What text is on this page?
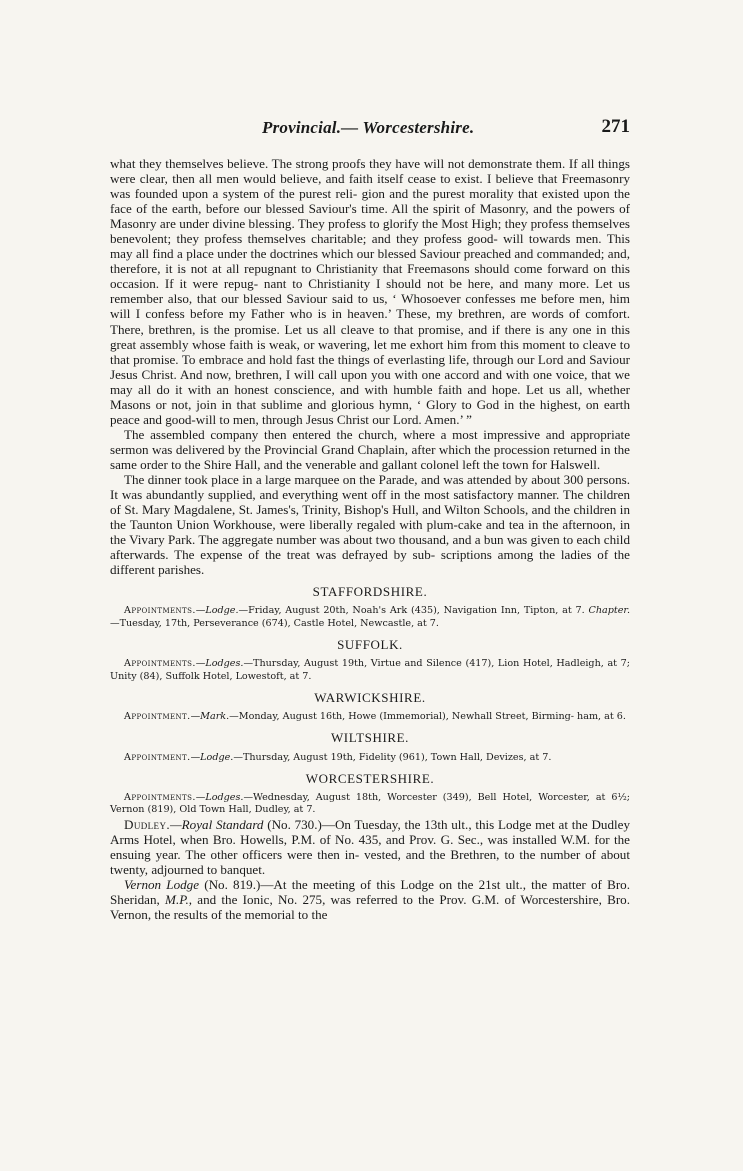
Provincial.— Worcestershire.	271

what they themselves believe. The strong proofs they have will not demonstrate them. If all things were clear, then all men would believe, and faith itself cease to exist. I believe that Freemasonry was founded upon a system of the purest reli- gion and the purest morality that existed upon the face of the earth, before our blessed Saviour's time. All the spirit of Masonry, and the powers of Masonry are under divine blessing. They profess to glorify the Most High; they profess themselves benevolent; they profess themselves charitable; and they profess good- will towards men. This may all find a place under the doctrines which our blessed Saviour preached and commanded; and, therefore, it is not at all repugnant to Christianity that Freemasons should come forward on this occasion. If it were repug- nant to Christianity I should not be here, and many more. Let us remember also, that our blessed Saviour said to us, ‘ Whosoever confesses me before men, him will I confess before my Father who is in heaven.’ These, my brethren, are words of comfort. There, brethren, is the promise. Let us all cleave to that promise, and if there is any one in this great assembly whose faith is weak, or wavering, let me exhort him from this moment to cleave to that promise. To embrace and hold fast the things of everlasting life, through our Lord and Saviour Jesus Christ. And now, brethren, I will call upon you with one accord and with one voice, that we may all do it with an honest conscience, and with humble faith and hope. Let us all, whether Masons or not, join in that sublime and glorious hymn, ‘ Glory to God in the highest, on earth peace and good-will to men, through Jesus Christ our Lord. Amen.’ ”

The assembled company then entered the church, where a most impressive and appropriate sermon was delivered by the Provincial Grand Chaplain, after which the procession returned in the same order to the Shire Hall, and the venerable and gallant colonel left the town for Halswell.

The dinner took place in a large marquee on the Parade, and was attended by about 300 persons. It was abundantly supplied, and everything went off in the most satisfactory manner. The children of St. Mary Magdalene, St. James's, Trinity, Bishop's Hull, and Wilton Schools, and the children in the Taunton Union Workhouse, were liberally regaled with plum-cake and tea in the afternoon, in the Vivary Park. The aggregate number was about two thousand, and a bun was given to each child afterwards. The expense of the treat was defrayed by sub- scriptions among the ladies of the different parishes.

STAFFORDSHIRE.

Appointments.—Lodge.—Friday, August 20th, Noah's Ark (435), Navigation Inn, Tipton, at 7. Chapter.—Tuesday, 17th, Perseverance (674), Castle Hotel, Newcastle, at 7.

SUFFOLK.

Appointments.—Lodges.—Thursday, August 19th, Virtue and Silence (417), Lion Hotel, Hadleigh, at 7; Unity (84), Suffolk Hotel, Lowestoft, at 7.

WARWICKSHIRE.

Appointment.—Mark.—Monday, August 16th, Howe (Immemorial), Newhall Street, Birming- ham, at 6.

WILTSHIRE.

Appointment.—Lodge.—Thursday, August 19th, Fidelity (961), Town Hall, Devizes, at 7.

WORCESTERSHIRE.

Appointments.—Lodges.—Wednesday, August 18th, Worcester (349), Bell Hotel, Worcester, at 6½; Vernon (819), Old Town Hall, Dudley, at 7.

Dudley.—Royal Standard (No. 730.)—On Tuesday, the 13th ult., this Lodge met at the Dudley Arms Hotel, when Bro. Howells, P.M. of No. 435, and Prov. G. Sec., was installed W.M. for the ensuing year. The other officers were then in- vested, and the Brethren, to the number of about twenty, adjourned to banquet.

Vernon Lodge (No. 819.)—At the meeting of this Lodge on the 21st ult., the matter of Bro. Sheridan, M.P., and the Ionic, No. 275, was referred to the Prov. G.M. of Worcestershire, Bro. Vernon, the results of the memorial to the
